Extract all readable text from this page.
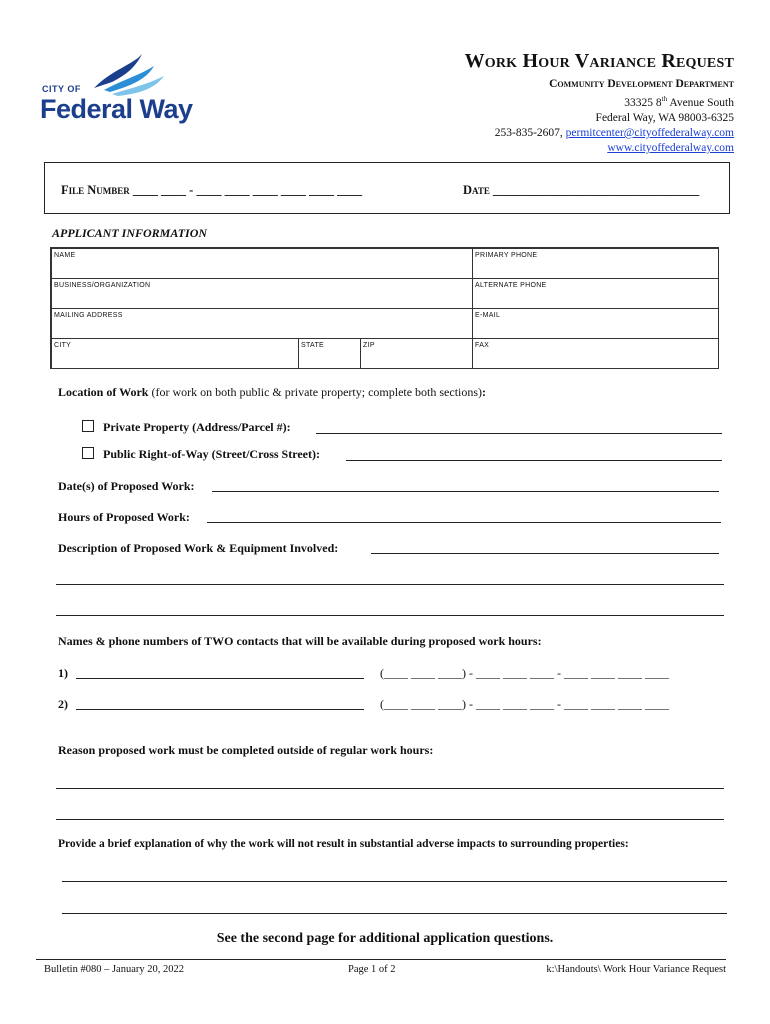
CITY OF
Federal Way
Work Hour Variance Request
Community Development Department
33325 8th Avenue South
Federal Way, WA 98003-6325
253-835-2607, permitcenter@cityoffederalway.com
www.cityoffederalway.com
File Number ____ ____ - ____ ____ ____ ____ ____ ____	Date _________________________________
APPLICANT INFORMATION
NAME	PRIMARY PHONE
BUSINESS/ORGANIZATION	ALTERNATE PHONE
MAILING ADDRESS	E-MAIL
CITY	STATE	ZIP	FAX
Location of Work (for work on both public & private property; complete both sections):
Private Property (Address/Parcel #):
Public Right-of-Way (Street/Cross Street):
Date(s) of Proposed Work:
Hours of Proposed Work:
Description of Proposed Work & Equipment Involved:
Names & phone numbers of TWO contacts that will be available during proposed work hours:
1)	(____ ____ ____) - ____ ____ ____ - ____ ____ ____ ____
2)	(____ ____ ____) - ____ ____ ____ - ____ ____ ____ ____
Reason proposed work must be completed outside of regular work hours:
Provide a brief explanation of why the work will not result in substantial adverse impacts to surrounding properties:
See the second page for additional application questions.
Bulletin #080 – January 20, 2022	Page 1 of 2	k:\Handouts\ Work Hour Variance Request
